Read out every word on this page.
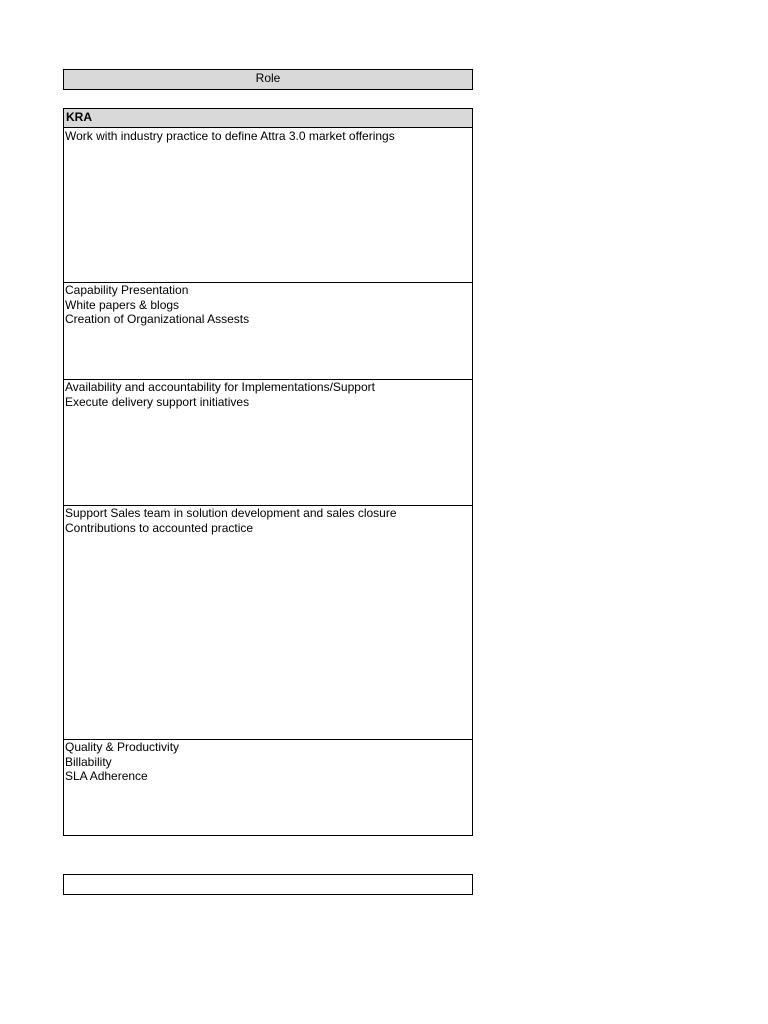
Role
KRA
Work with industry practice to define Attra 3.0 market offerings
Capability Presentation
White papers & blogs
Creation of Organizational Assests
Availability and accountability for Implementations/Support
Execute delivery support initiatives
Support Sales team in solution development and sales closure
Contributions to accounted practice
Quality & Productivity
Billability
SLA Adherence
